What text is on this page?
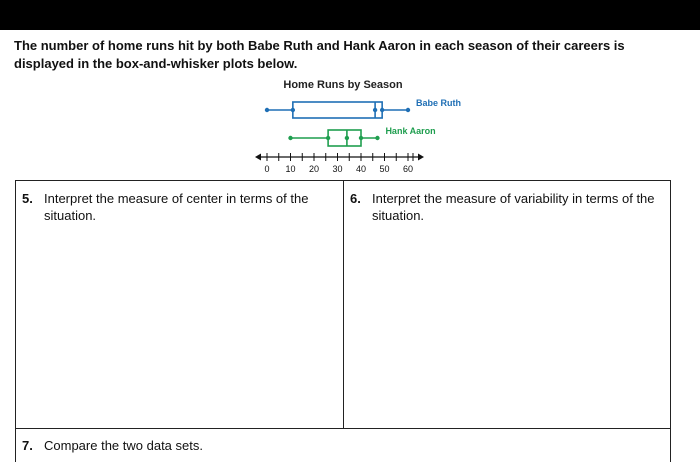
The number of home runs hit by both Babe Ruth and Hank Aaron in each season of their careers is displayed in the box-and-whisker plots below.

Home Runs by Season
0 10 20 30 40 50 60
Babe Ruth
Hank Aaron
5. Interpret the measure of center in terms of the situation.
6. Interpret the measure of variability in terms of the situation.
7. Compare the two data sets.
